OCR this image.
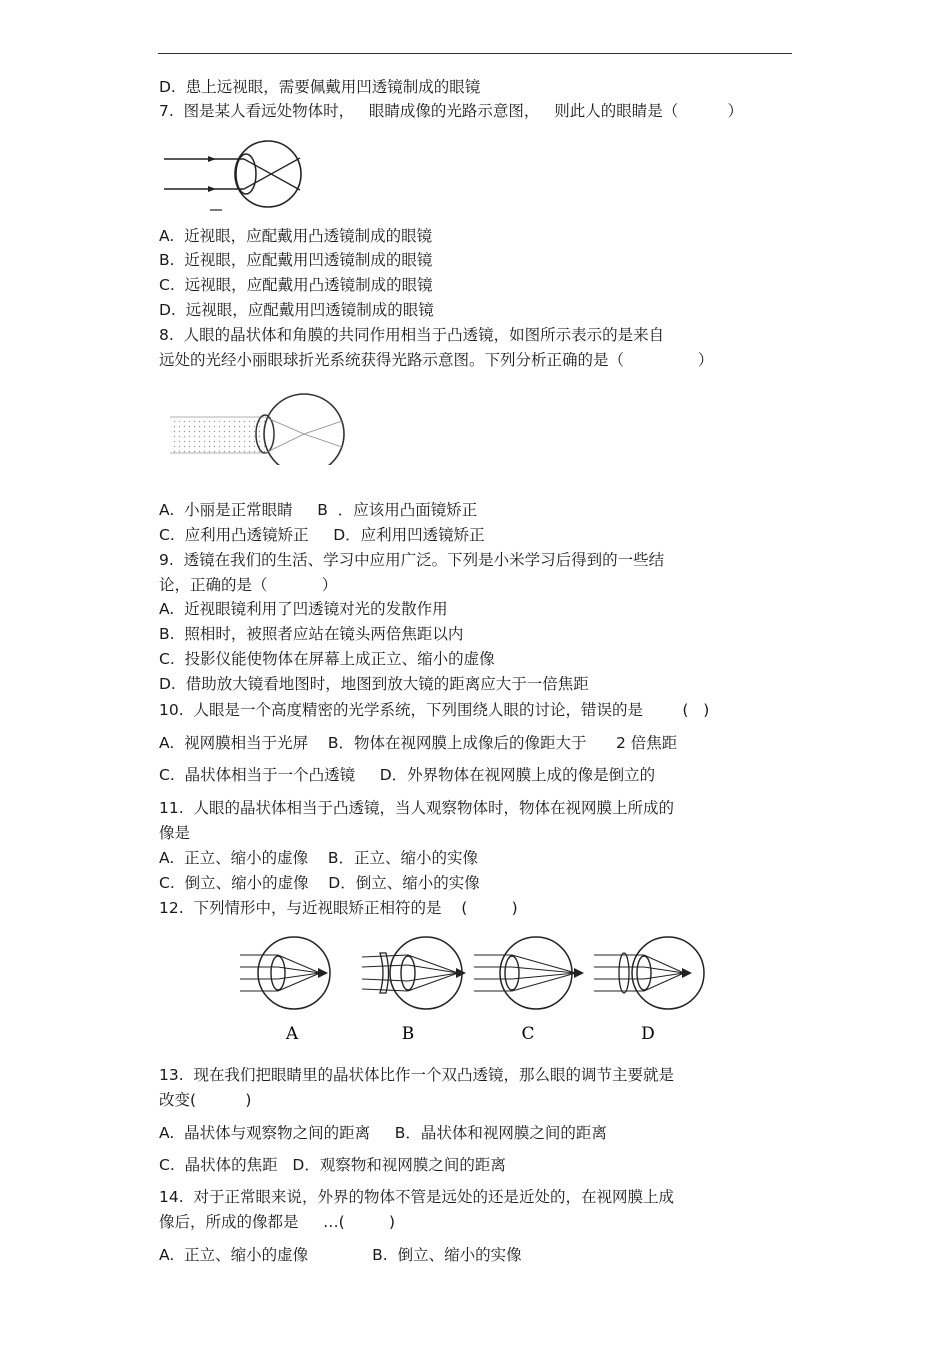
D.  患上远视眼，需要佩戴用凹透镜制成的眼镜
7.  图是某人看远处物体时，   眼睛成像的光路示意图，   则此人的眼睛是（          ）
A.  近视眼，应配戴用凸透镜制成的眼镜
B.  近视眼，应配戴用凹透镜制成的眼镜
C.  远视眼，应配戴用凸透镜制成的眼镜
D.  远视眼，应配戴用凹透镜制成的眼镜
8.  人眼的晶状体和角膜的共同作用相当于凸透镜，如图所示表示的是来自
远处的光经小丽眼球折光系统获得光路示意图。下列分析正确的是（               ）
A.  小丽是正常眼睛     B  ．应该用凸面镜矫正
C.  应利用凸透镜矫正     D．应利用凹透镜矫正
9.  透镜在我们的生活、学习中应用广泛。下列是小米学习后得到的一些结
论，正确的是（           ）
A.  近视眼镜利用了凹透镜对光的发散作用
B.  照相时，被照者应站在镜头两倍焦距以内
C.  投影仪能使物体在屏幕上成正立、缩小的虚像
D.  借助放大镜看地图时，地图到放大镜的距离应大于一倍焦距
10.  人眼是一个高度精密的光学系统，下列围绕人眼的讨论，错误的是        (   )
A.  视网膜相当于光屏    B．物体在视网膜上成像后的像距大于      2 倍焦距
C.  晶状体相当于一个凸透镜     D．外界物体在视网膜上成的像是倒立的
11.  人眼的晶状体相当于凸透镜，当人观察物体时，物体在视网膜上所成的
像是
A.  正立、缩小的虚像    B．正立、缩小的实像
C.  倒立、缩小的虚像    D．倒立、缩小的实像
12.  下列情形中，与近视眼矫正相符的是    (         )
A	B	C	D
13.  现在我们把眼睛里的晶状体比作一个双凸透镜，那么眼的调节主要就是
改变(          )
A.  晶状体与观察物之间的距离     B．晶状体和视网膜之间的距离
C.  晶状体的焦距   D．观察物和视网膜之间的距离
14.  对于正常眼来说，外界的物体不管是远处的还是近处的，在视网膜上成
像后，所成的像都是     …(         )
A.  正立、缩小的虚像             B.  倒立、缩小的实像
